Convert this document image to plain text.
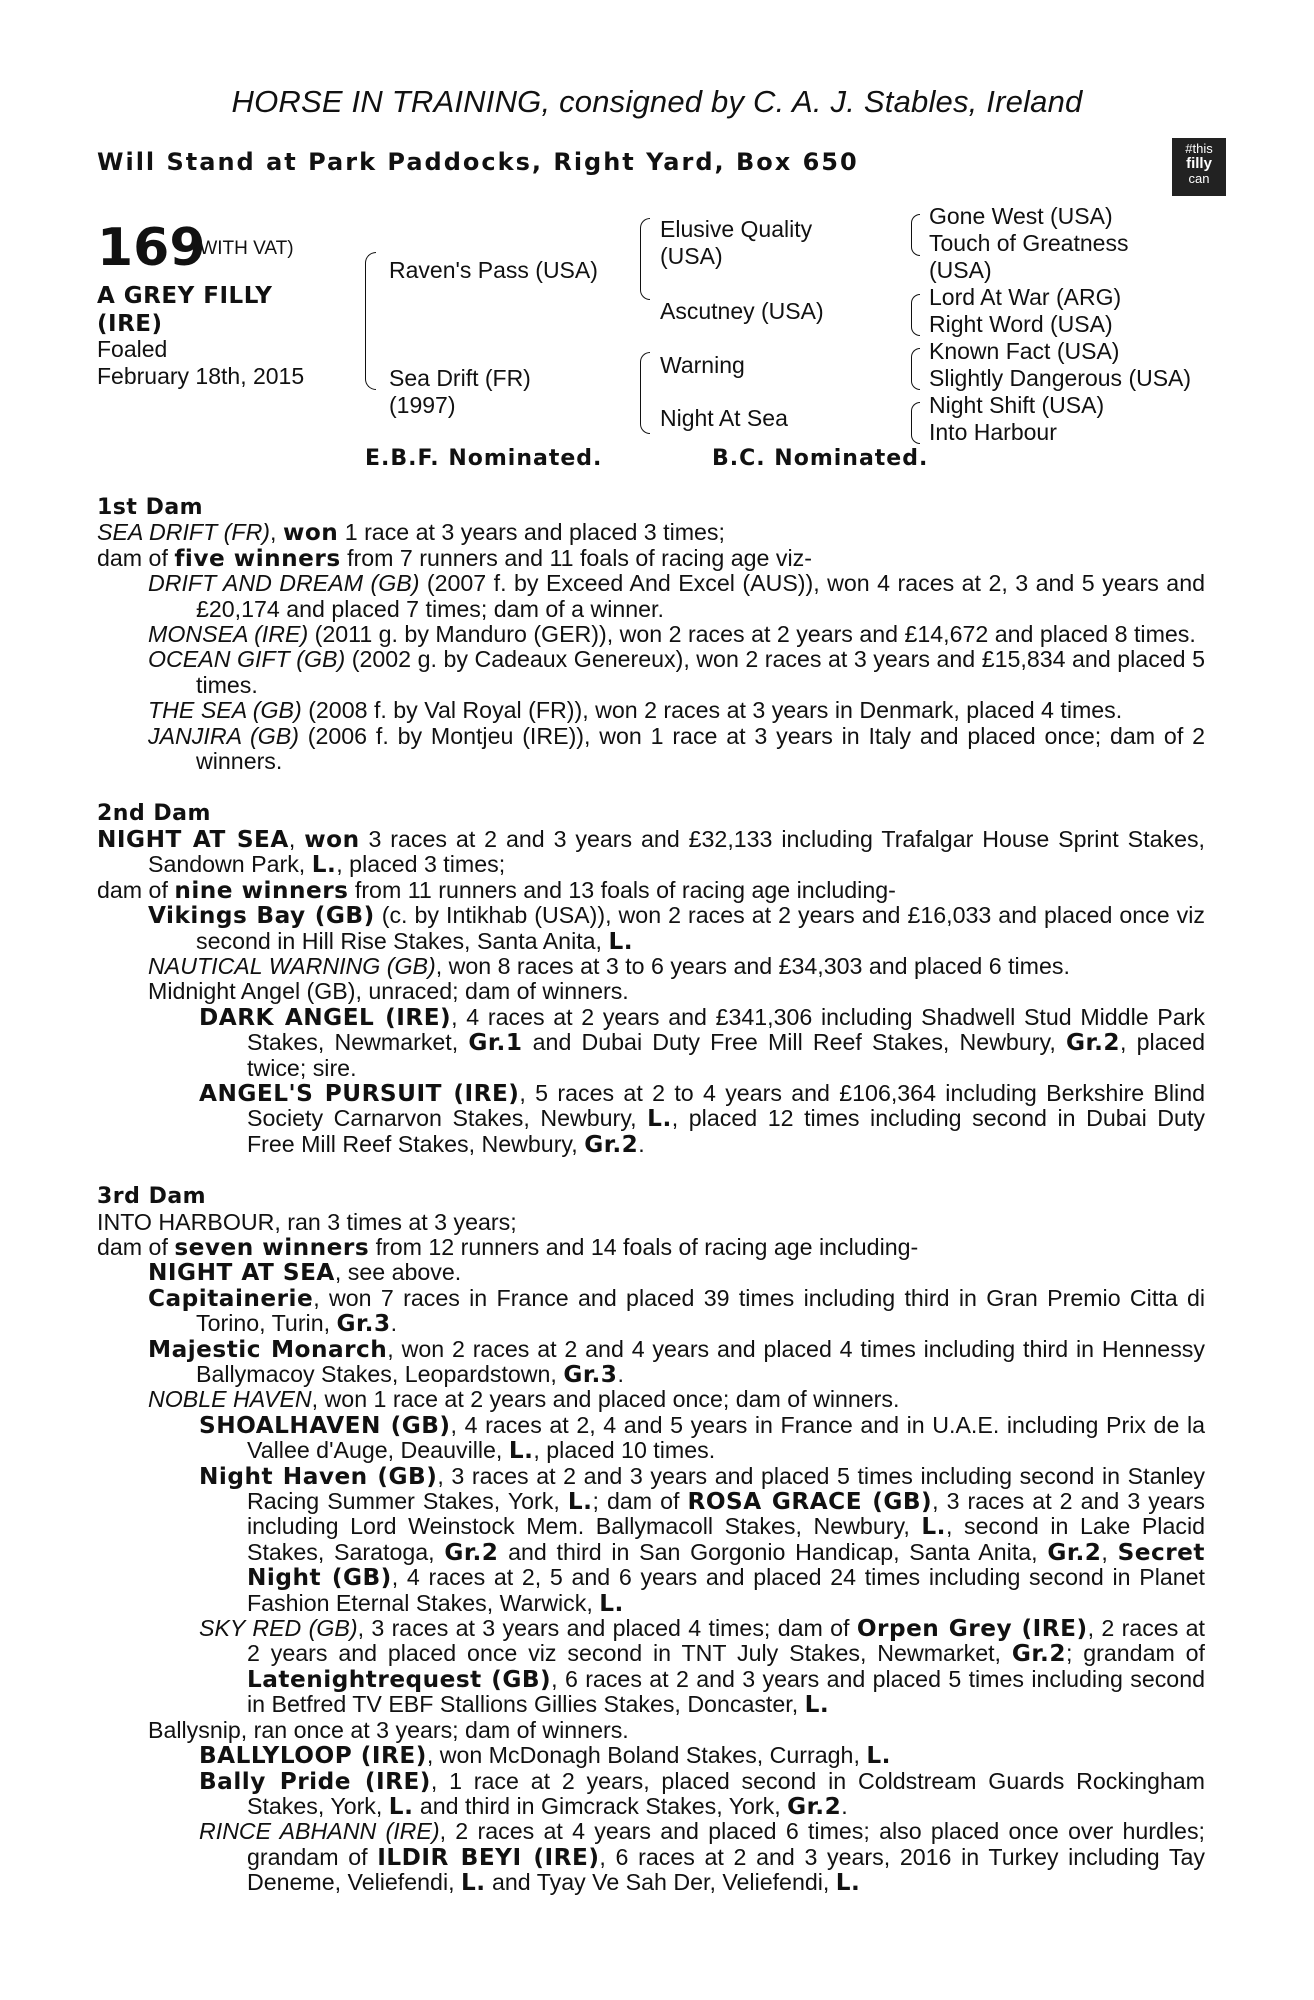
HORSE IN TRAINING, consigned by C. A. J. Stables, Ireland
Will Stand at Park Paddocks, Right Yard, Box 650	#this

filly
can
169
(WITH VAT)
A GREY FILLY
(IRE)
Foaled
February 18th, 2015
Raven's Pass (USA)
Sea Drift (FR)
(1997)
Elusive Quality
(USA)
Ascutney (USA)
Warning
Night At Sea
Gone West (USA)
Touch of Greatness
(USA)
Lord At War (ARG)
Right Word (USA)
Known Fact (USA)
Slightly Dangerous (USA)
Night Shift (USA)
Into Harbour
E.B.F. Nominated.	B.C. Nominated.
1st Dam
SEA DRIFT (FR), won 1 race at 3 years and placed 3 times;
dam of five winners from 7 runners and 11 foals of racing age viz-
DRIFT AND DREAM (GB) (2007 f. by Exceed And Excel (AUS)), won 4 races at 2, 3 and 5 years and £20,174 and placed 7 times; dam of a winner.
MONSEA (IRE) (2011 g. by Manduro (GER)), won 2 races at 2 years and £14,672 and placed 8 times.
OCEAN GIFT (GB) (2002 g. by Cadeaux Genereux), won 2 races at 3 years and £15,834 and placed 5 times.
THE SEA (GB) (2008 f. by Val Royal (FR)), won 2 races at 3 years in Denmark, placed 4 times.
JANJIRA (GB) (2006 f. by Montjeu (IRE)), won 1 race at 3 years in Italy and placed once; dam of 2 winners.
2nd Dam
NIGHT AT SEA, won 3 races at 2 and 3 years and £32,133 including Trafalgar House Sprint Stakes, Sandown Park, L., placed 3 times;
dam of nine winners from 11 runners and 13 foals of racing age including-
Vikings Bay (GB) (c. by Intikhab (USA)), won 2 races at 2 years and £16,033 and placed once viz second in Hill Rise Stakes, Santa Anita, L.
NAUTICAL WARNING (GB), won 8 races at 3 to 6 years and £34,303 and placed 6 times.
Midnight Angel (GB), unraced; dam of winners.
DARK ANGEL (IRE), 4 races at 2 years and £341,306 including Shadwell Stud Middle Park Stakes, Newmarket, Gr.1 and Dubai Duty Free Mill Reef Stakes, Newbury, Gr.2, placed twice; sire.
ANGEL'S PURSUIT (IRE), 5 races at 2 to 4 years and £106,364 including Berkshire Blind Society Carnarvon Stakes, Newbury, L., placed 12 times including second in Dubai Duty Free Mill Reef Stakes, Newbury, Gr.2.
3rd Dam
INTO HARBOUR, ran 3 times at 3 years;
dam of seven winners from 12 runners and 14 foals of racing age including-
NIGHT AT SEA, see above.
Capitainerie, won 7 races in France and placed 39 times including third in Gran Premio Citta di Torino, Turin, Gr.3.
Majestic Monarch, won 2 races at 2 and 4 years and placed 4 times including third in Hennessy Ballymacoy Stakes, Leopardstown, Gr.3.
NOBLE HAVEN, won 1 race at 2 years and placed once; dam of winners.
SHOALHAVEN (GB), 4 races at 2, 4 and 5 years in France and in U.A.E. including Prix de la Vallee d'Auge, Deauville, L., placed 10 times.
Night Haven (GB), 3 races at 2 and 3 years and placed 5 times including second in Stanley Racing Summer Stakes, York, L.; dam of ROSA GRACE (GB), 3 races at 2 and 3 years including Lord Weinstock Mem. Ballymacoll Stakes, Newbury, L., second in Lake Placid Stakes, Saratoga, Gr.2 and third in San Gorgonio Handicap, Santa Anita, Gr.2, Secret Night (GB), 4 races at 2, 5 and 6 years and placed 24 times including second in Planet Fashion Eternal Stakes, Warwick, L.
SKY RED (GB), 3 races at 3 years and placed 4 times; dam of Orpen Grey (IRE), 2 races at 2 years and placed once viz second in TNT July Stakes, Newmarket, Gr.2; grandam of Latenightrequest (GB), 6 races at 2 and 3 years and placed 5 times including second in Betfred TV EBF Stallions Gillies Stakes, Doncaster, L.
Ballysnip, ran once at 3 years; dam of winners.
BALLYLOOP (IRE), won McDonagh Boland Stakes, Curragh, L.
Bally Pride (IRE), 1 race at 2 years, placed second in Coldstream Guards Rockingham Stakes, York, L. and third in Gimcrack Stakes, York, Gr.2.
RINCE ABHANN (IRE), 2 races at 4 years and placed 6 times; also placed once over hurdles; grandam of ILDIR BEYI (IRE), 6 races at 2 and 3 years, 2016 in Turkey including Tay Deneme, Veliefendi, L. and Tyay Ve Sah Der, Veliefendi, L.
